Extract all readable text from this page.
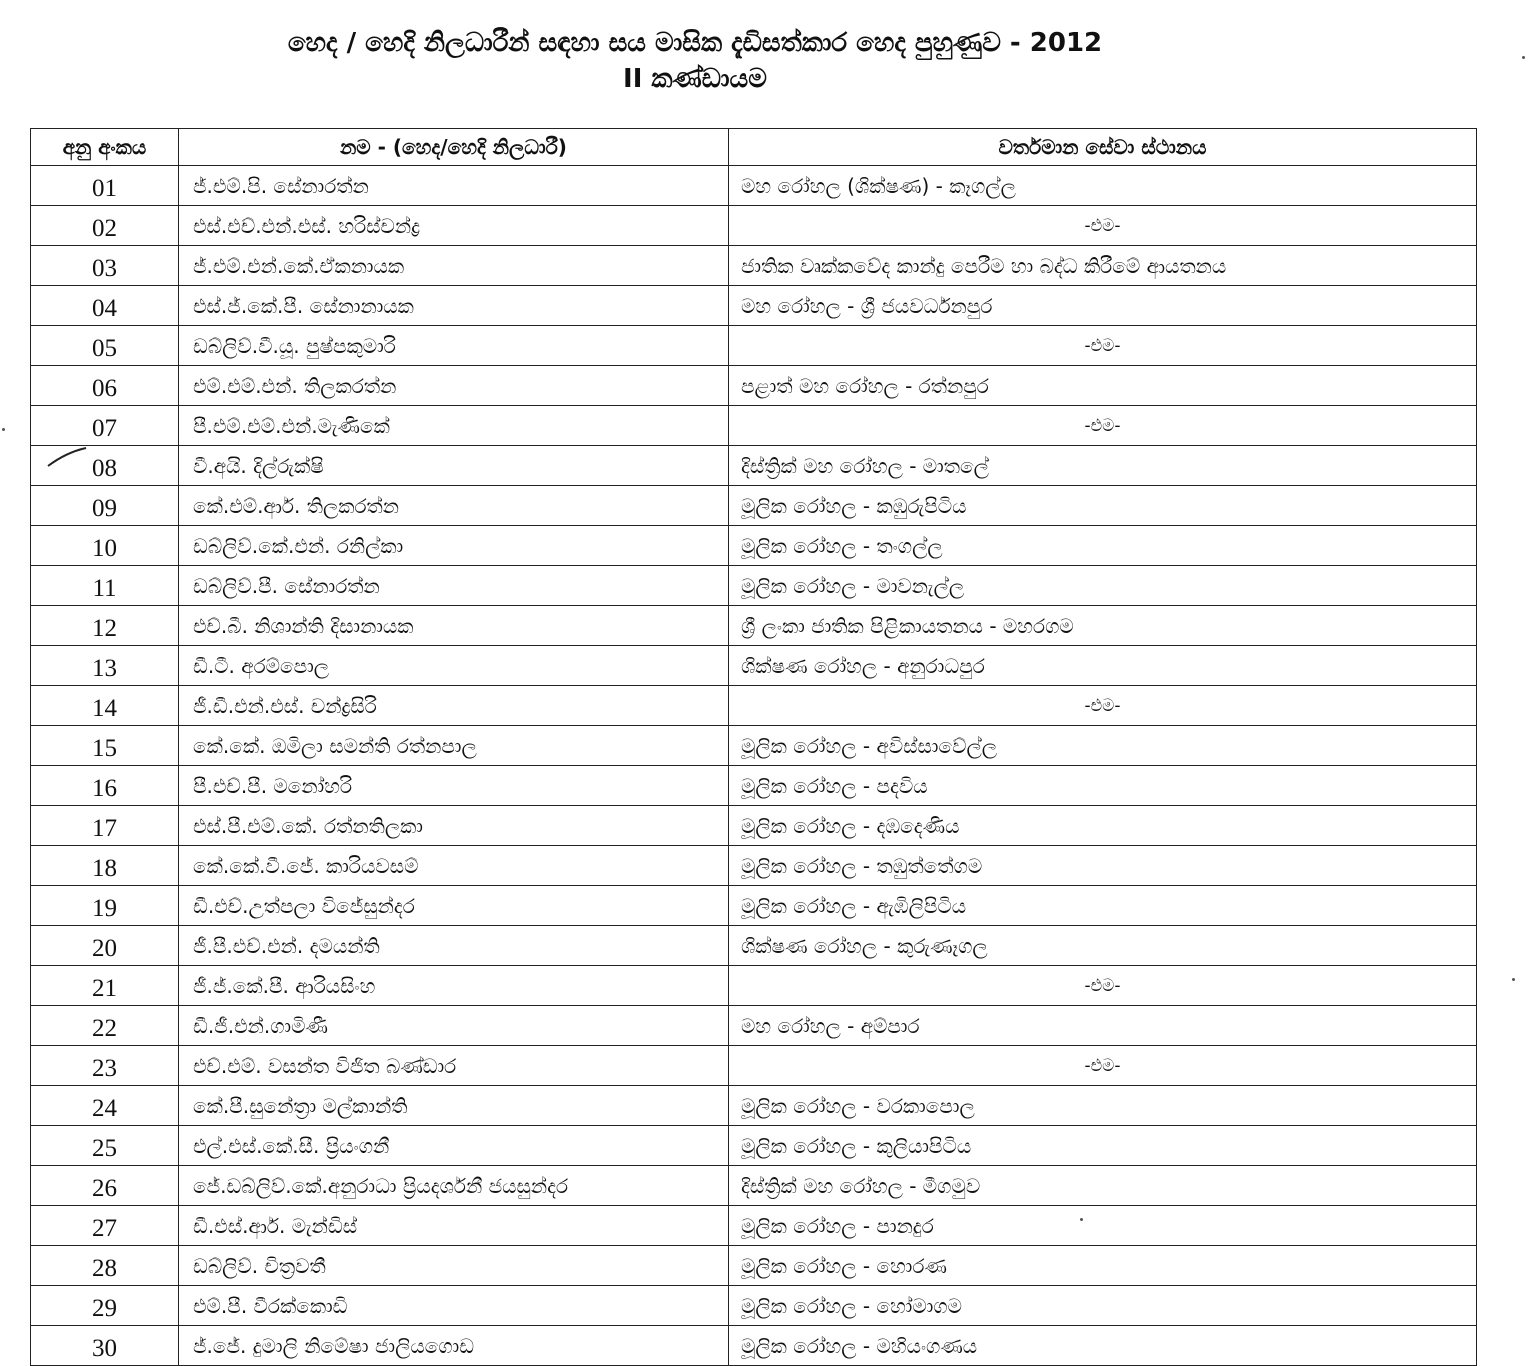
හෙද / හෙදි නිලධාරීන් සඳහා සය මාසික දැඩිසත්කාර හෙද පුහුණුව - 2012
II කණ්ඩායම
අනු අංකය	නම - (හෙද/හෙදි නිලධාරී)	වර්තමාන සේවා ස්ථානය
01	ජ්.එම්.පි. සේනාරත්න	මහ රෝහල (ශික්ෂණ) - කෑගල්ල
02	එස්.එච්.එන්.එස්. හරිස්චන්ද්‍ර	-එම-
03	ජ්.එම්.එන්.කේ.ඒකනායක	ජාතික වෘක්කවේද කාන්දු පෙරීම හා බද්ධ කිරීමේ ආයතනය
04	එස්.ජ්.කේ.පී. සේනානායක	මහ රෝහල - ශ්‍රී ජයවර්ධනපුර
05	ඩබ්ලිව්.වී.යූ. පුෂ්පකුමාරි	-එම-
06	එම්.එම්.එන්. තිලකරත්න	පළාත් මහ රෝහල - රත්නපුර
07	පී.එම්.එම්.එන්.මැණිකේ	-එම-
08	වී.අයි. දිල්රුක්ෂි	දිස්ත්‍රික් මහ රෝහල - මාතලේ
09	කේ.එම්.ආර්. තිලකරත්න	මූලික රෝහල - කඹුරුපිටිය
10	ඩබ්ලිව්.කේ.එන්. රනිල්කා	මූලික රෝහල - තංගල්ල
11	ඩබ්ලිව්.පී. සේනාරත්න	මූලික රෝහල - මාවනැල්ල
12	එච්.බී. නිශාන්ති දිසානායක	ශ්‍රී ලංකා ජාතික පිළිකායතනය - මහරගම
13	ඩී.ටී. අරම්පොල	ශික්ෂණ රෝහල - අනුරාධපුර
14	ජී.ඩී.එන්.එස්. චන්ද්‍රසිරි	-එම-
15	කේ.කේ. ඔමිලා සමන්ති රත්නපාල	මූලික රෝහල - අවිස්සාවේල්ල
16	පී.එච්.පී. මනෝහරි	මූලික රෝහල - පදවිය
17	එස්.පී.එම්.කේ. රත්නතිලකා	මූලික රෝහල - දඹදෙණිය
18	කේ.කේ.වී.ජේ. කාරියවසම්	මූලික රෝහල - තඹුත්තේගම
19	ඩී.එච්.උත්පලා විජේසුන්දර	මූලික රෝහල - ඇඹිලිපිටිය
20	ජී.පී.එච්.එන්. දමයන්ති	ශික්ෂණ රෝහල - කුරුණෑගල
21	ජී.ජ්.කේ.පී. ආරියසිංහ	-එම-
22	ඩී.ජී.එන්.ගාමිණී	මහ රෝහල - අම්පාර
23	එච්.එම්. වසන්ත විජිත බණ්ඩාර	-එම-
24	කේ.පී.සුනේත්‍රා මල්කාන්ති	මූලික රෝහල - වරකාපොල
25	එල්.එස්.කේ.සී. ප්‍රියංගනී	මූලික රෝහල - කුලියාපිටිය
26	ජේ.ඩබ්ලිව්.කේ.අනුරාධා ප්‍රියදර්ශනී ජයසුන්දර	දිස්ත්‍රික් මහ රෝහල - මීගමුව
27	ඩී.එස්.ආර්. මැන්ඩිස්	මූලික රෝහල - පානදුර
28	ඩබ්ලිව්. චිත්‍රවතී	මූලික රෝහල - හොරණ
29	එම්.පී. වීරක්කොඩි	මූලික රෝහල - හෝමාගම
30	ජ්.ජේ. දුමාලි නිමේෂා ජාලියගොඩ	මූලික රෝහල - මහියංගණය
